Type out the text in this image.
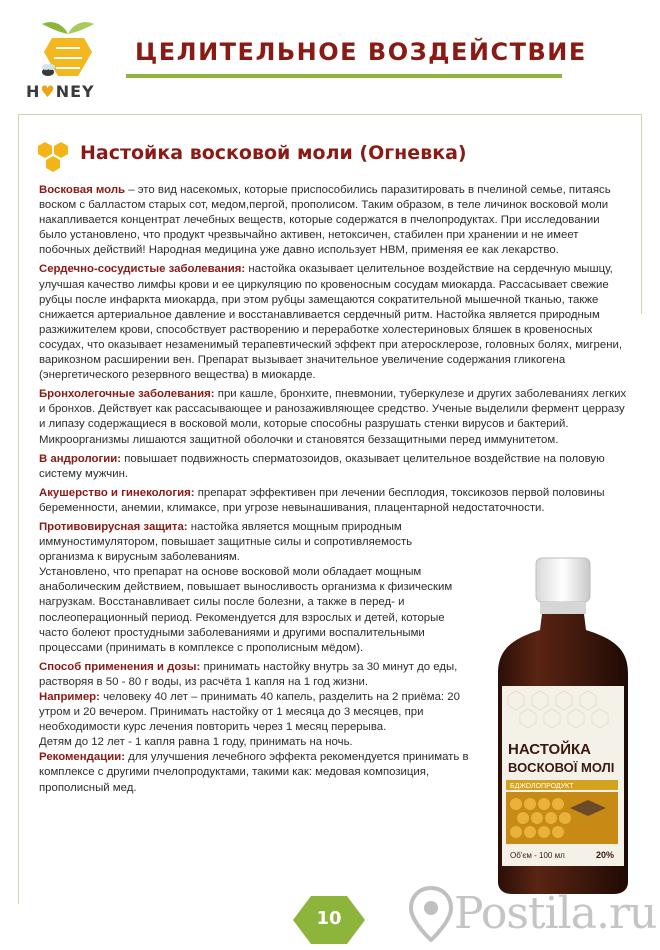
H♥NEY
ЦЕЛИТЕЛЬНОЕ ВОЗДЕЙСТВИЕ
Настойка восковой моли (Огневка)

Восковая моль – это вид насекомых, которые приспособились паразитировать в пчелиной семье, питаясь воском с балластом старых сот, медом,пергой, прополисом. Таким образом, в теле личинок восковой моли накапливается концентрат лечебных веществ, которые содержатся в пчелопродуктах. При исследовании было установлено, что продукт чрезвычайно активен, нетоксичен, стабилен при хранении и не имеет побочных действий! Народная медицина уже давно использует НВМ, применяя ее как лекарство.

Сердечно-сосудистые заболевания: настойка оказывает целительное воздействие на сердечную мышцу, улучшая качество лимфы крови и ее циркуляцию по кровеносным сосудам миокарда. Рассасывает свежие рубцы после инфаркта миокарда, при этом рубцы замещаются сократительной мышечной тканью, также снижается артериальное давление и восстанавливается сердечный ритм. Настойка является природным разжижителем крови, способствует растворению и переработке холестериновых бляшек в кровеносных сосудах, что оказывает незаменимый терапевтический эффект при атеросклерозе, головных болях, мигрени, варикозном расширении вен. Препарат вызывает значительное увеличение содержания гликогена (энергетического резервного вещества) в миокарде.

Бронхолегочные заболевания: при кашле, бронхите, пневмонии, туберкулезе и других заболеваниях легких и бронхов. Действует как рассасывающее и ранозаживляющее средство. Ученые выделили фермент церразу и липазу содержащиеся в восковой моли, которые способны разрушать стенки вирусов и бактерий. Микроорганизмы лишаются защитной оболочки и становятся беззащитными перед иммунитетом.

В андрологии: повышает подвижность сперматозоидов, оказывает целительное воздействие на половую систему мужчин.

Акушерство и гинекология: препарат эффективен при лечении бесплодия, токсикозов первой половины беременности, анемии, климаксе, при угрозе невынашивания, плацентарной недостаточности.

Противовирусная защита: настойка является мощным природным иммуностимулятором, повышает защитные силы и сопротивляемость организма к вирусным заболеваниям.

Установлено, что препарат на основе восковой моли обладает мощным анаболическим действием, повышает выносливость организма к физическим нагрузкам. Восстанавливает силы после болезни, а также в перед- и послеоперационный период. Рекомендуется для взрослых и детей, которые часто болеют простудными заболеваниями и другими воспалительными процессами (принимать в комплексе с прополисным мёдом).

Способ применения и дозы: принимать настойку внутрь за 30 минут до еды, растворяя в 50 - 80 г воды, из расчёта 1 капля на 1 год жизни.

Например: человеку 40 лет – принимать 40 капель, разделить на 2 приёма: 20 утром и 20 вечером. Принимать настойку от 1 месяца до 3 месяцев, при необходимости курс лечения повторить через 1 месяц перерыва.

Детям до 12 лет - 1 капля равна 1 году, принимать на ночь.

Рекомендации: для улучшения лечебного эффекта рекомендуется принимать в комплексе с другими пчелопродуктами, такими как: медовая композиция, прополисный мед.

НАСТОЙКА
ВОСКОВОЇ МОЛІ
БДЖОЛОПРОДУКТ
Об'єм - 100 мл	20%
10	Postila.ru
